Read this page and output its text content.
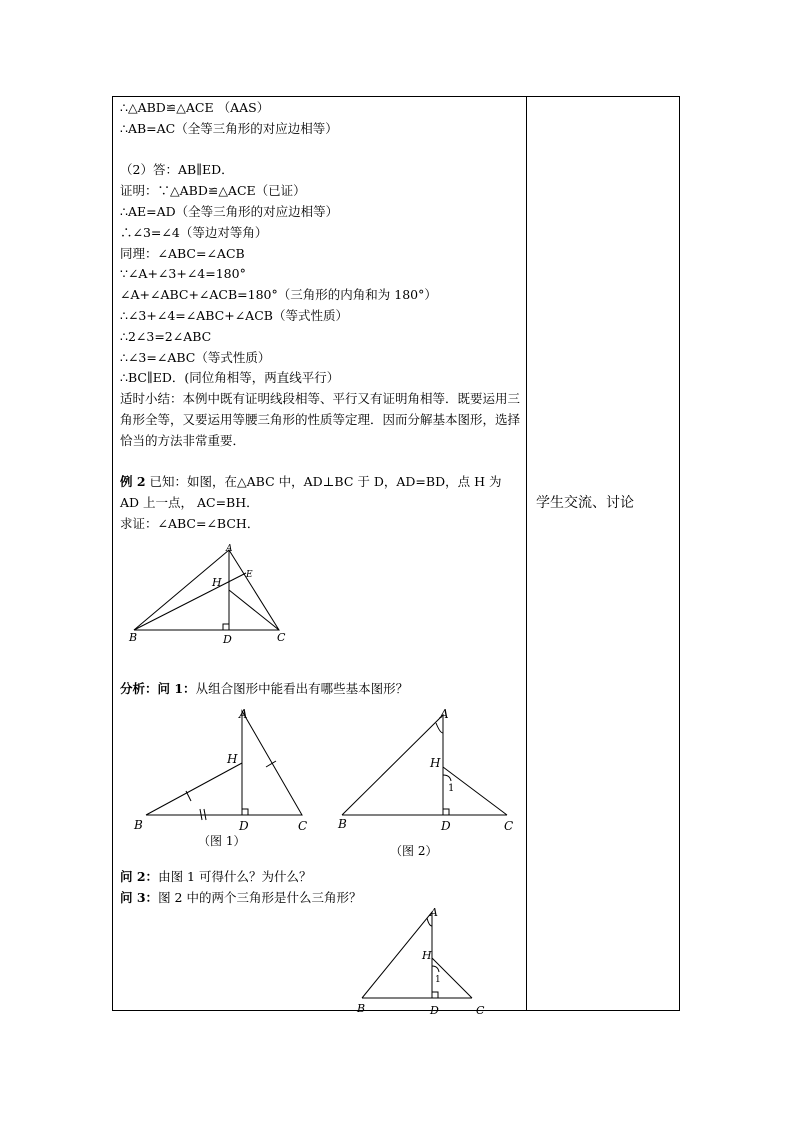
∴△ABD≌△ACE （AAS）
∴AB=AC（全等三角形的对应边相等）
（2）答：AB∥ED．
证明：∵△ABD≌△ACE（已证）
∴AE=AD（全等三角形的对应边相等）
∴∠3=∠4（等边对等角）
同理：∠ABC=∠ACB
∵∠A+∠3+∠4=180°
∠A+∠ABC+∠ACB=180°（三角形的内角和为 180°）
∴∠3+∠4=∠ABC+∠ACB（等式性质）
∴2∠3=2∠ABC
∴∠3=∠ABC（等式性质）
∴BC∥ED．(同位角相等，两直线平行）
适时小结：本例中既有证明线段相等、平行又有证明角相等．既要运用三角形全等，又要运用等腰三角形的性质等定理．因而分解基本图形，选择恰当的方法非常重要．
例 2 已知：如图，在△ABC 中，AD⊥BC 于 D，AD=BD，点 H 为 AD 上一点， AC=BH．
求证：∠ABC=∠BCH．
A
E
H
B	D	C
分析：问 1：从组合图形中能看出有哪些基本图形？
A
H
B	D	C
（图 1）
A
H
1
B	D	C
（图 2）
问 2：由图 1 可得什么？为什么？
问 3：图 2 中的两个三角形是什么三角形？
A
H
1
B	D	C
学生交流、讨论
